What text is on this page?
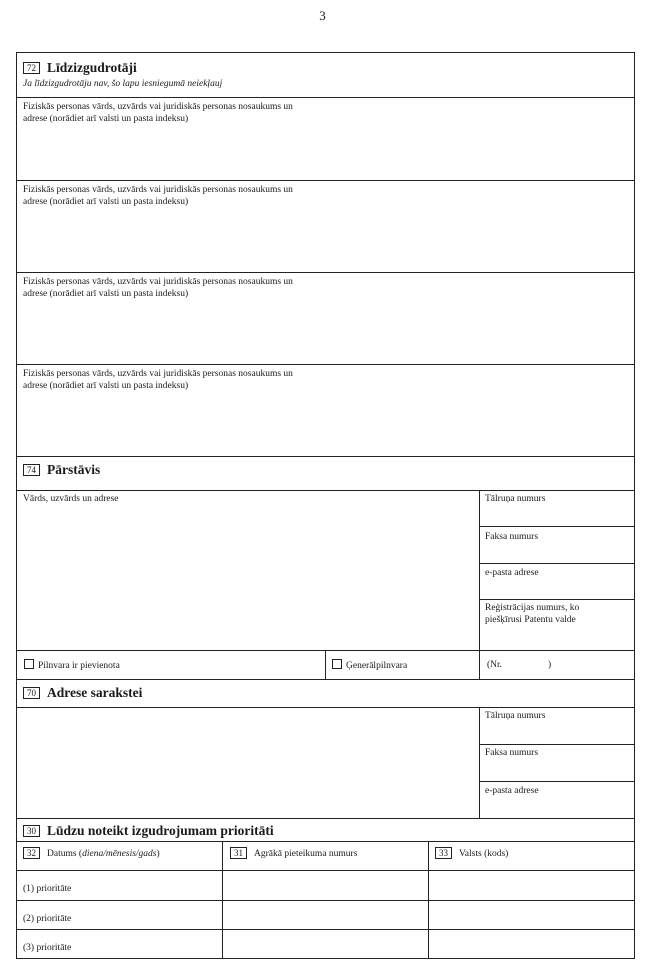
3
72 Līdzizgudrotāji
Ja līdzizgudrotāju nav, šo lapu iesniegumā neiekļauj
Fiziskās personas vārds, uzvārds vai juridiskās personas nosaukums un
adrese (norādiet arī valsti un pasta indeksu)
Fiziskās personas vārds, uzvārds vai juridiskās personas nosaukums un
adrese (norādiet arī valsti un pasta indeksu)
Fiziskās personas vārds, uzvārds vai juridiskās personas nosaukums un
adrese (norādiet arī valsti un pasta indeksu)
Fiziskās personas vārds, uzvārds vai juridiskās personas nosaukums un
adrese (norādiet arī valsti un pasta indeksu)
74 Pārstāvis
Vārds, uzvārds un adrese	Tālruņa numurs
Faksa numurs
e-pasta adrese
Reģistrācijas numurs, ko
piešķīrusi Patentu valde
Pilnvara ir pievienota	Ģenerālpilnvara	(Nr.	)
70 Adrese sarakstei
Tālruņa numurs
Faksa numurs
e-pasta adrese
30 Lūdzu noteikt izgudrojumam prioritāti
32 Datums (diena/mēnesis/gads)	31 Agrākā pieteikuma numurs	33 Valsts (kods)
(1) prioritāte
(2) prioritāte
(3) prioritāte
